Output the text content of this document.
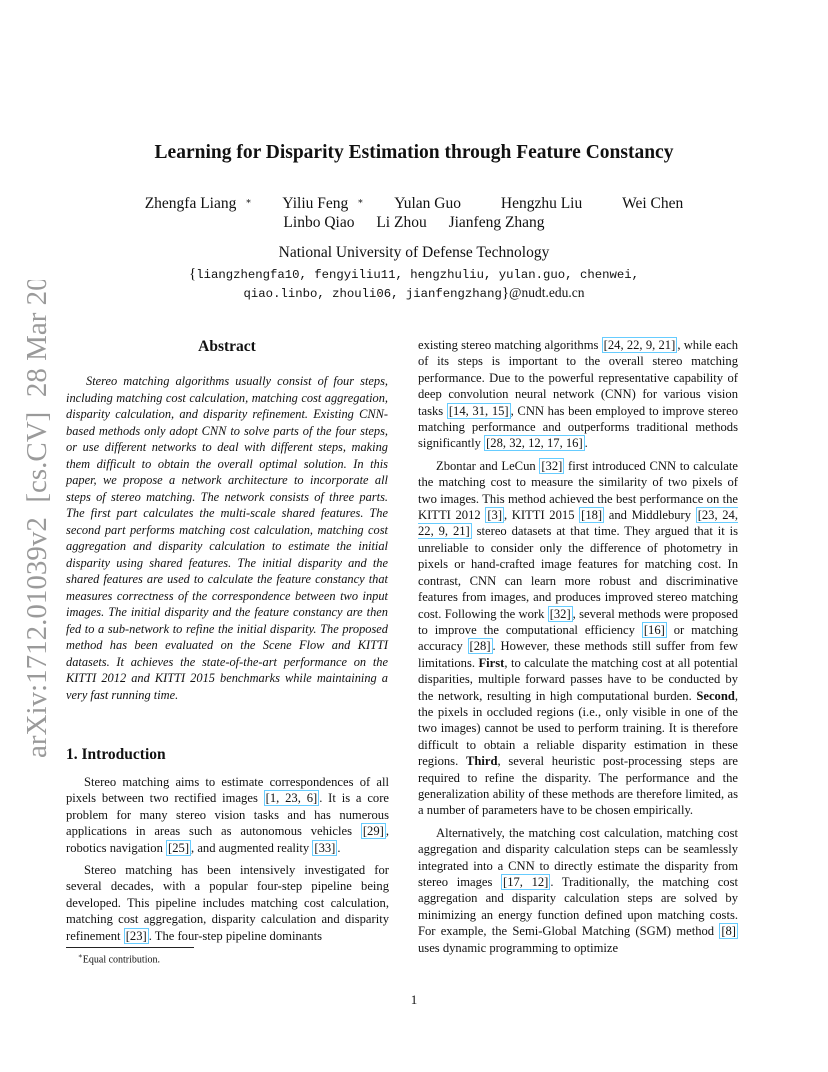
arXiv:1712.01039v2  [cs.CV]  28 Mar 2018
Learning for Disparity Estimation through Feature Constancy
Zhengfa Liang ∗ Yiliu Feng ∗ Yulan Guo	Hengzhu Liu	Wei Chen
Linbo Qiao Li Zhou Jianfeng Zhang
National University of Defense Technology
{liangzhengfa10, fengyiliu11, hengzhuliu, yulan.guo, chenwei,
qiao.linbo, zhouli06, jianfengzhang}@nudt.edu.cn
Abstract
Stereo matching algorithms usually consist of four steps, including matching cost calculation, matching cost aggregation, disparity calculation, and disparity refinement. Existing CNN-based methods only adopt CNN to solve parts of the four steps, or use different networks to deal with different steps, making them difficult to obtain the overall optimal solution. In this paper, we propose a network architecture to incorporate all steps of stereo matching. The network consists of three parts. The first part calculates the multi-scale shared features. The second part performs matching cost calculation, matching cost aggregation and disparity calculation to estimate the initial disparity using shared features. The initial disparity and the shared features are used to calculate the feature constancy that measures correctness of the correspondence between two input images. The initial disparity and the feature constancy are then fed to a sub-network to refine the initial disparity. The proposed method has been evaluated on the Scene Flow and KITTI datasets. It achieves the state-of-the-art performance on the KITTI 2012 and KITTI 2015 benchmarks while maintaining a very fast running time.
1. Introduction

Stereo matching aims to estimate correspondences of all pixels between two rectified images [1, 23, 6] . It is a core problem for many stereo vision tasks and has numerous applications in areas such as autonomous vehicles [29] , robotics navigation [25] , and augmented reality [33] .

Stereo matching has been intensively investigated for several decades, with a popular four-step pipeline being developed. This pipeline includes matching cost calculation, matching cost aggregation, disparity calculation and disparity refinement [23] . The four-step pipeline dominants

existing stereo matching algorithms [24, 22, 9, 21] , while each of its steps is important to the overall stereo matching performance. Due to the powerful representative capability of deep convolution neural network (CNN) for various vision tasks [14, 31, 15] , CNN has been employed to improve stereo matching performance and outperforms traditional methods significantly [28, 32, 12, 17, 16] .

Zbontar and LeCun [32] first introduced CNN to calculate the matching cost to measure the similarity of two pixels of two images. This method achieved the best performance on the KITTI 2012 [3] , KITTI 2015 [18] and Middlebury [23, 24, 22, 9, 21] stereo datasets at that time. They argued that it is unreliable to consider only the difference of photometry in pixels or hand-crafted image features for matching cost. In contrast, CNN can learn more robust and discriminative features from images, and produces improved stereo matching cost. Following the work [32] , several methods were proposed to improve the computational efficiency [16] or matching accuracy [28] . However, these methods still suffer from few limitations. First, to calculate the matching cost at all potential disparities, multiple forward passes have to be conducted by the network, resulting in high computational burden. Second, the pixels in occluded regions (i.e., only visible in one of the two images) cannot be used to perform training. It is therefore difficult to obtain a reliable disparity estimation in these regions. Third, several heuristic post-processing steps are required to refine the disparity. The performance and the generalization ability of these methods are therefore limited, as a number of parameters have to be chosen empirically.

Alternatively, the matching cost calculation, matching cost aggregation and disparity calculation steps can be seamlessly integrated into a CNN to directly estimate the disparity from stereo images [17, 12] . Traditionally, the matching cost aggregation and disparity calculation steps are solved by minimizing an energy function defined upon matching costs. For example, the Semi-Global Matching (SGM) method [8] uses dynamic programming to optimize

∗Equal contribution.
1
